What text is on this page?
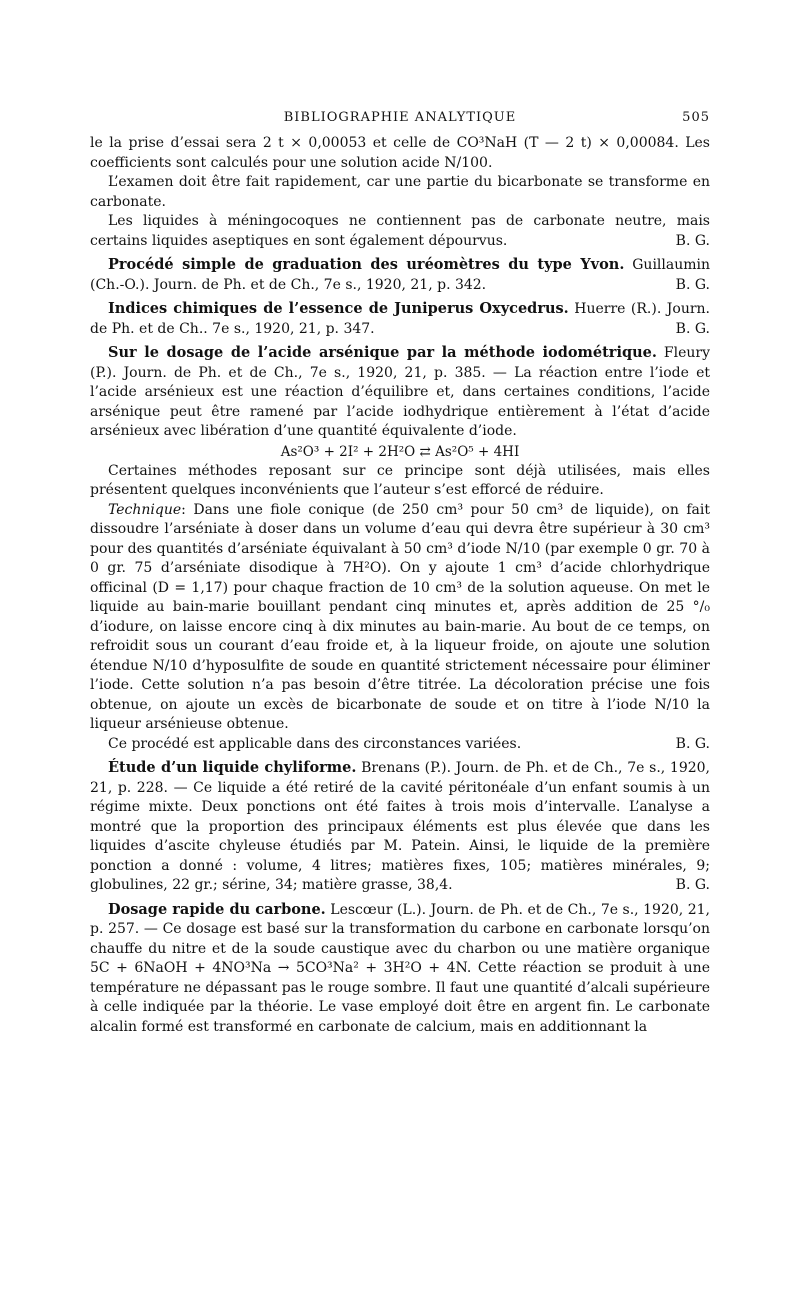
BIBLIOGRAPHIE ANALYTIQUE	505

le la prise d’essai sera 2 t × 0,00053 et celle de CO³NaH (T — 2 t) × 0,00084. Les coefficients sont calculés pour une solution acide N/100.

L’examen doit être fait rapidement, car une partie du bicarbonate se transforme en carbonate.

Les liquides à méningocoques ne contiennent pas de carbonate neutre, mais certains liquides aseptiques en sont également dépourvus.	B. G.

Procédé simple de graduation des uréomètres du type Yvon. Guillaumin (Ch.-O.). Journ. de Ph. et de Ch., 7e s., 1920, 21, p. 342.	B. G.

Indices chimiques de l’essence de Juniperus Oxycedrus. Huerre (R.). Journ. de Ph. et de Ch.. 7e s., 1920, 21, p. 347.	B. G.

Sur le dosage de l’acide arsénique par la méthode iodométrique. Fleury (P.). Journ. de Ph. et de Ch., 7e s., 1920, 21, p. 385. — La réaction entre l’iode et l’acide arsénieux est une réaction d’équilibre et, dans certaines conditions, l’acide arsénique peut être ramené par l’acide iodhydrique entièrement à l’état d’acide arsénieux avec libération d’une quantité équivalente d’iode.

As²O³ + 2I² + 2H²O ⇄ As²O⁵ + 4HI

Certaines méthodes reposant sur ce principe sont déjà utilisées, mais elles présentent quelques inconvénients que l’auteur s’est efforcé de réduire.

Technique: Dans une fiole conique (de 250 cm³ pour 50 cm³ de liquide), on fait dissoudre l’arséniate à doser dans un volume d’eau qui devra être supérieur à 30 cm³ pour des quantités d’arséniate équivalant à 50 cm³ d’iode N/10 (par exemple 0 gr. 70 à 0 gr. 75 d’arséniate disodique à 7H²O). On y ajoute 1 cm³ d’acide chlorhydrique officinal (D = 1,17) pour chaque fraction de 10 cm³ de la solution aqueuse. On met le liquide au bain-marie bouillant pendant cinq minutes et, après addition de 25 °/₀ d’iodure, on laisse encore cinq à dix minutes au bain-marie. Au bout de ce temps, on refroidit sous un courant d’eau froide et, à la liqueur froide, on ajoute une solution étendue N/10 d’hyposulfite de soude en quantité strictement nécessaire pour éliminer l’iode. Cette solution n’a pas besoin d’être titrée. La décoloration précise une fois obtenue, on ajoute un excès de bicarbonate de soude et on titre à l’iode N/10 la liqueur arsénieuse obtenue.

Ce procédé est applicable dans des circonstances variées.	B. G.

Étude d’un liquide chyliforme. Brenans (P.). Journ. de Ph. et de Ch., 7e s., 1920, 21, p. 228. — Ce liquide a été retiré de la cavité péritonéale d’un enfant soumis à un régime mixte. Deux ponctions ont été faites à trois mois d’intervalle. L’analyse a montré que la proportion des principaux éléments est plus élevée que dans les liquides d’ascite chyleuse étudiés par M. Patein. Ainsi, le liquide de la première ponction a donné : volume, 4 litres; matières fixes, 105; matières minérales, 9; globulines, 22 gr.; sérine, 34; matière grasse, 38,4.	B. G.

Dosage rapide du carbone. Lescœur (L.). Journ. de Ph. et de Ch., 7e s., 1920, 21, p. 257. — Ce dosage est basé sur la transformation du carbone en carbonate lorsqu’on chauffe du nitre et de la soude caustique avec du charbon ou une matière organique 5C + 6NaOH + 4NO³Na → 5CO³Na² + 3H²O + 4N. Cette réaction se produit à une température ne dépassant pas le rouge sombre. Il faut une quantité d’alcali supérieure à celle indiquée par la théorie. Le vase employé doit être en argent fin. Le carbonate alcalin formé est transformé en carbonate de calcium, mais en additionnant la
